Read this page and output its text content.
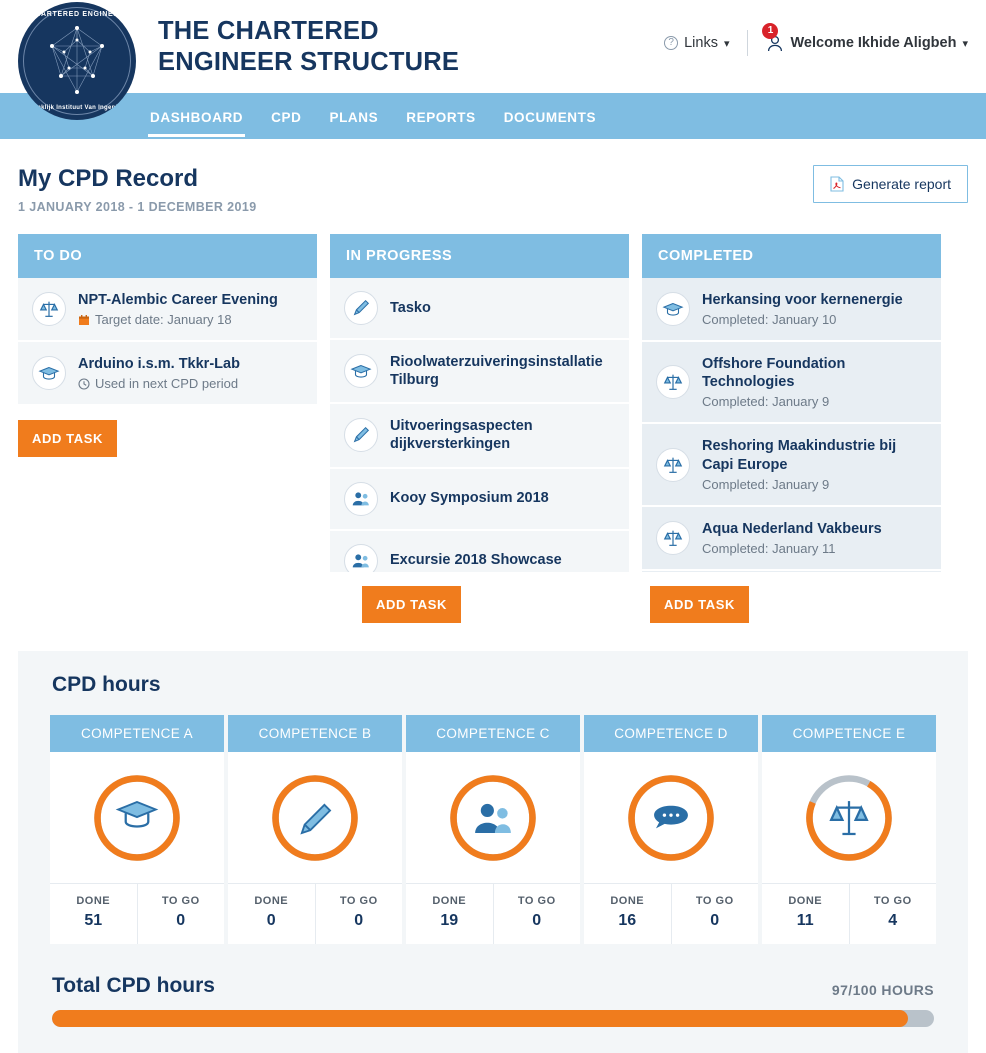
CHARTERED ENGINEER
Koninklijk Instituut Van Ingenieurs
THE CHARTERED
ENGINEER STRUCTURE
? Links ▾
1
Welcome Ikhide Aligbeh ▾
DASHBOARD CPD PLANS REPORTS DOCUMENTS
My CPD Record
1 JANUARY 2018 - 1 DECEMBER 2019
Generate report
TO DO
NPT-Alembic Career Evening
Target date: January 18
Arduino i.s.m. Tkkr-Lab
Used in next CPD period
ADD TASK
IN PROGRESS
Tasko
Rioolwaterzuiveringsinstallatie Tilburg
Uitvoeringsaspecten dijkversterkingen
Kooy Symposium 2018
Excursie 2018 Showcase
ADD TASK
COMPLETED
Herkansing voor kernenergie
Completed: January 10
Offshore Foundation Technologies
Completed: January 9
Reshoring Maakindustrie bij Capi Europe
Completed: January 9
Aqua Nederland Vakbeurs
Completed: January 11
ADD TASK
CPD hours
COMPETENCE A
DONE
51
TO GO
0
COMPETENCE B
DONE
0
TO GO
0
COMPETENCE C
DONE
19
TO GO
0
COMPETENCE D
DONE
16
TO GO
0
COMPETENCE E
DONE
11
TO GO
4
Total CPD hours	97/100 HOURS
